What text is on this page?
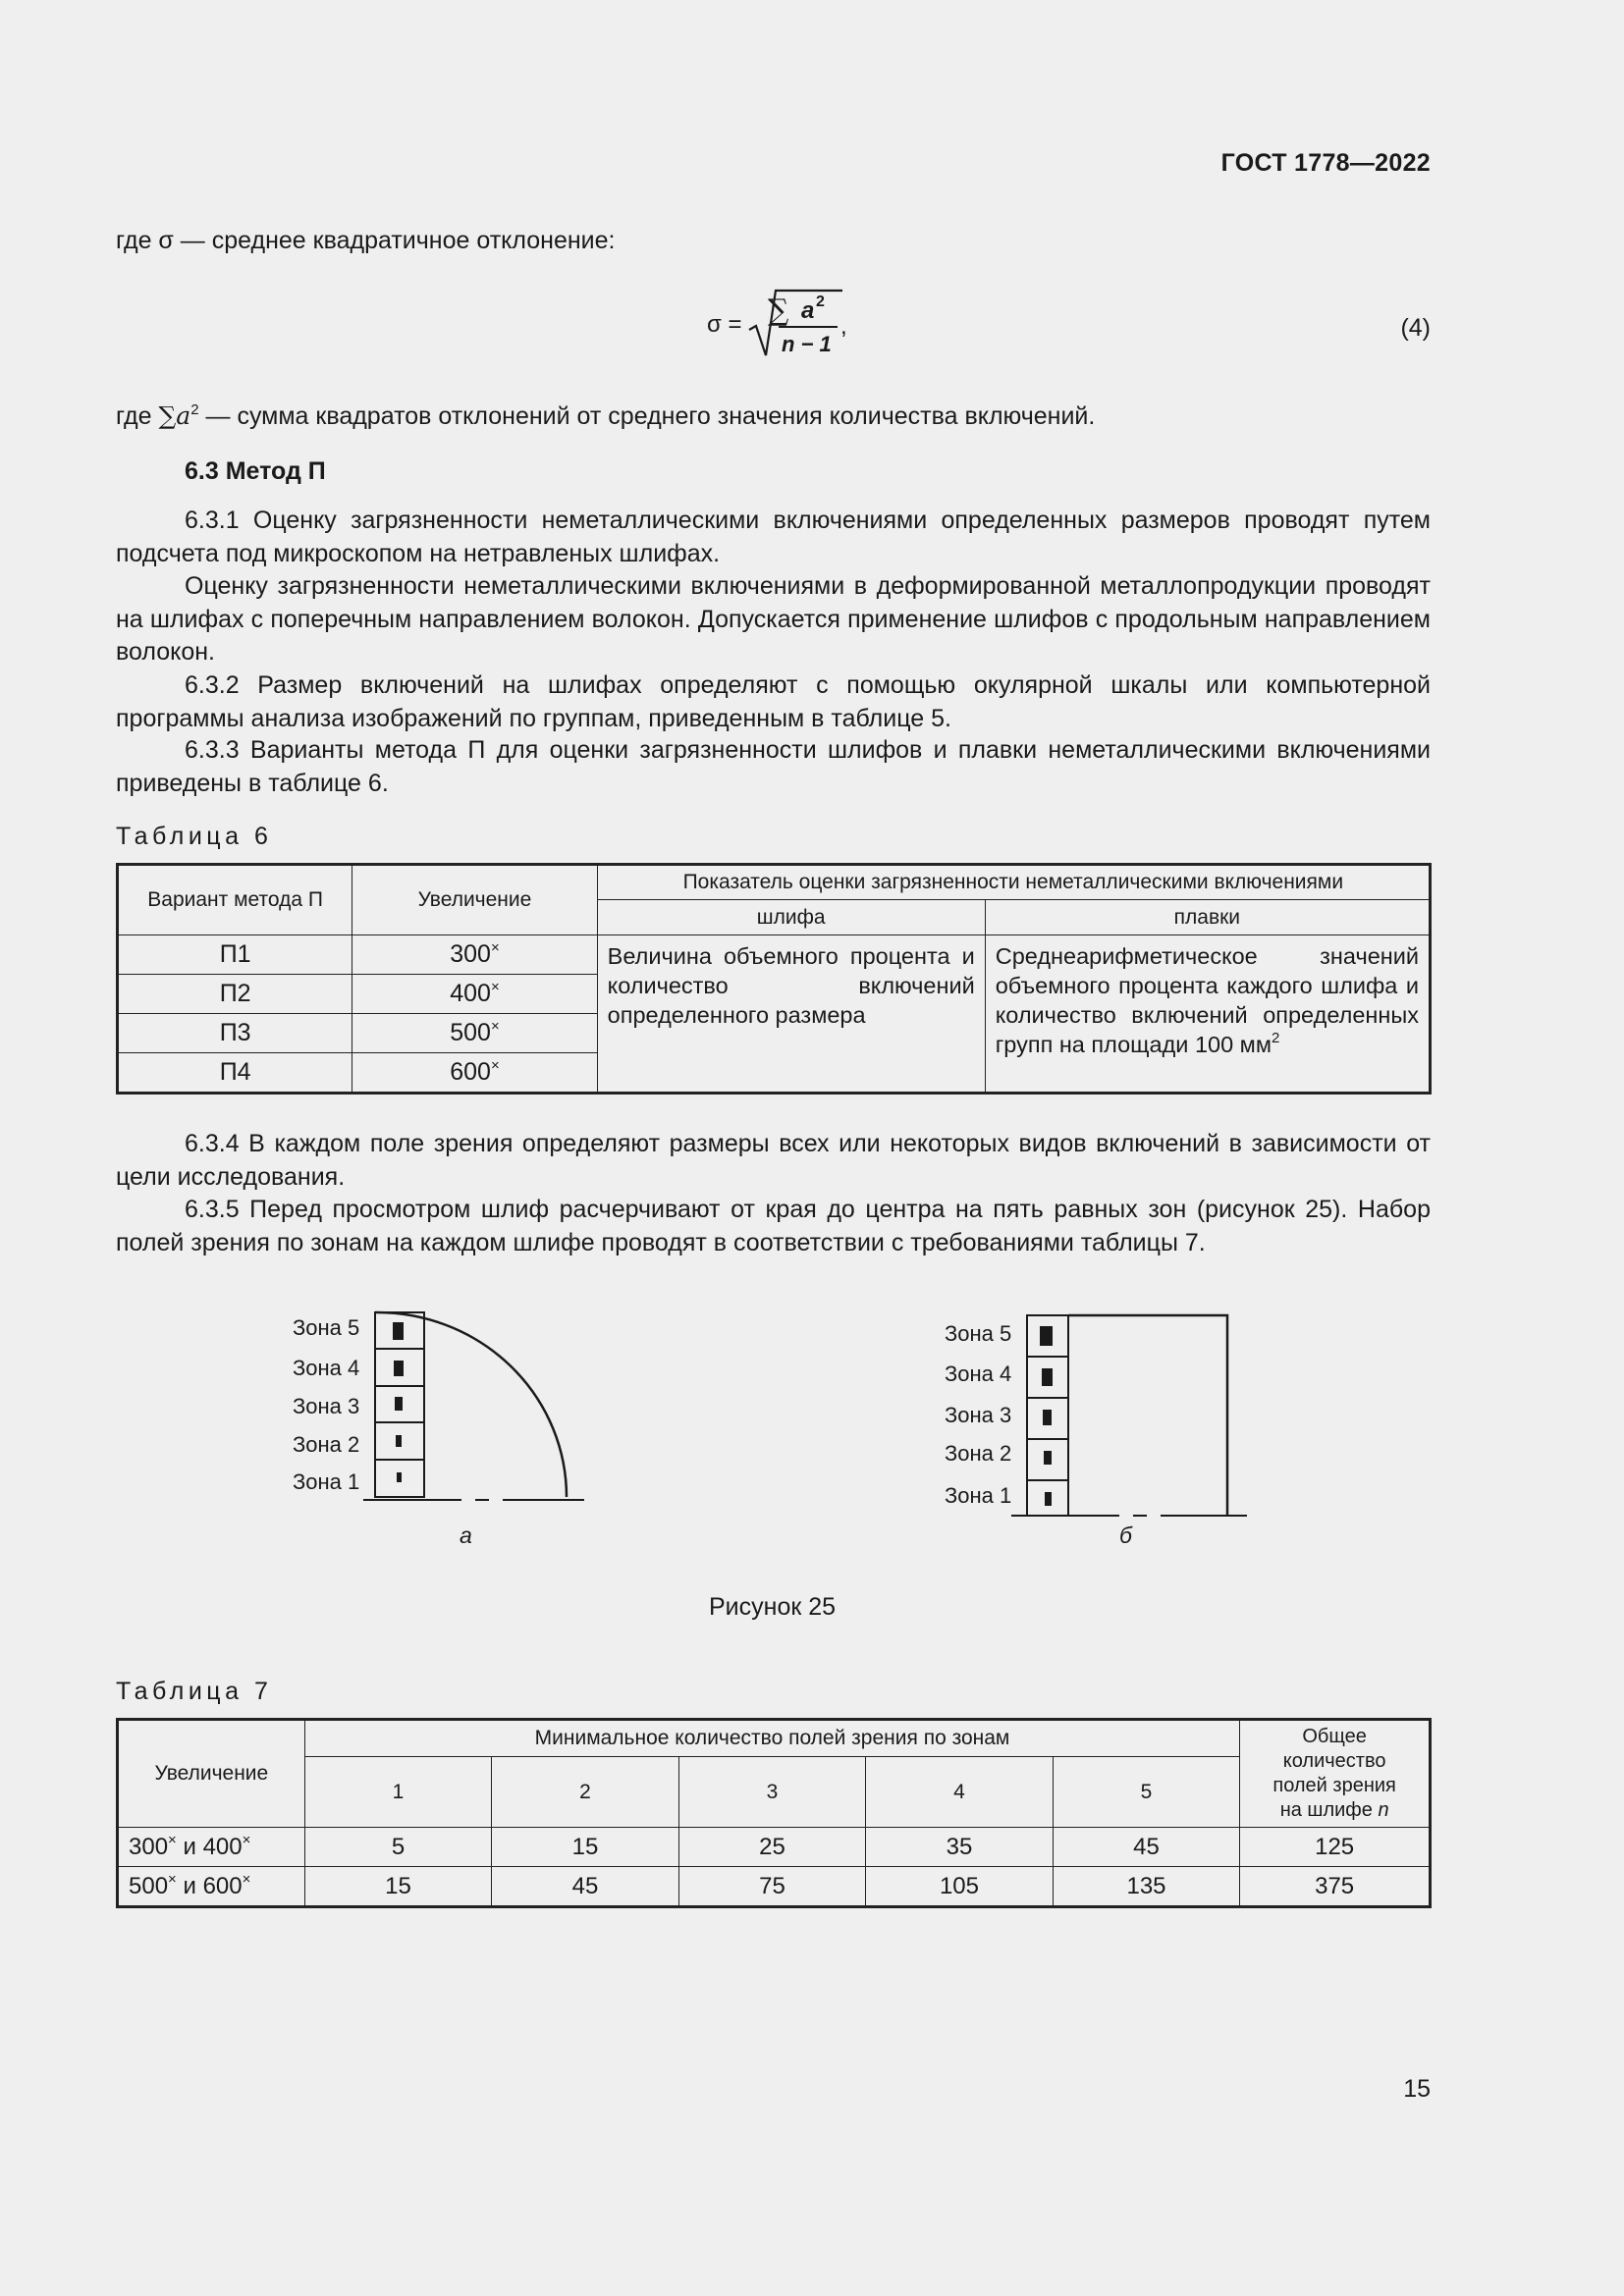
ГОСТ 1778—2022
где σ — среднее квадратичное отклонение:
σ = ∑ a 2
n − 1
,	(4)
где $\sum a^2$ — сумма квадратов отклонений от среднего значения количества включений.
6.3 Метод П
6.3.1 Оценку загрязненности неметаллическими включениями определенных размеров проводят путем подсчета под микроскопом на нетравленых шлифах.
Оценку загрязненности неметаллическими включениями в деформированной металлопродукции проводят на шлифах с поперечным направлением волокон. Допускается применение шлифов с продольным направлением волокон.
6.3.2 Размер включений на шлифах определяют с помощью окулярной шкалы или компьютерной программы анализа изображений по группам, приведенным в таблице 5.
6.3.3 Варианты метода П для оценки загрязненности шлифов и плавки неметаллическими включениями приведены в таблице 6.
Таблица 6
Вариант метода П	Увеличение	Показатель оценки загрязненности неметаллическими включениями	
		шлифа	плавки
П1	300×	Величина объемного процента и количество включений определенного размера	Среднеарифметическое значений объемного процента каждого шлифа и количество включений определенных групп на площади 100 $мм^2$
П2	400×
П3	500×
П4	600×
6.3.4 В каждом поле зрения определяют размеры всех или некоторых видов включений в зависимости от цели исследования.
6.3.5 Перед просмотром шлиф расчерчивают от края до центра на пять равных зон (рисунок 25). Набор полей зрения по зонам на каждом шлифе проводят в соответствии с требованиями таблицы 7.
Зона 5
Зона 4
Зона 3
Зона 2
Зона 1
а
Зона 5
Зона 4
Зона 3
Зона 2
Зона 1
б
Рисунок 25
Таблица 7
Увеличение	Минимальное количество полей зрения по зонам					Общее
количество
полей зрения
на шлифе n
	1	2	3	4	5	
300× и 400×	5	15	25	35	45	125
500× и 600×	15	45	75	105	135	375
15
